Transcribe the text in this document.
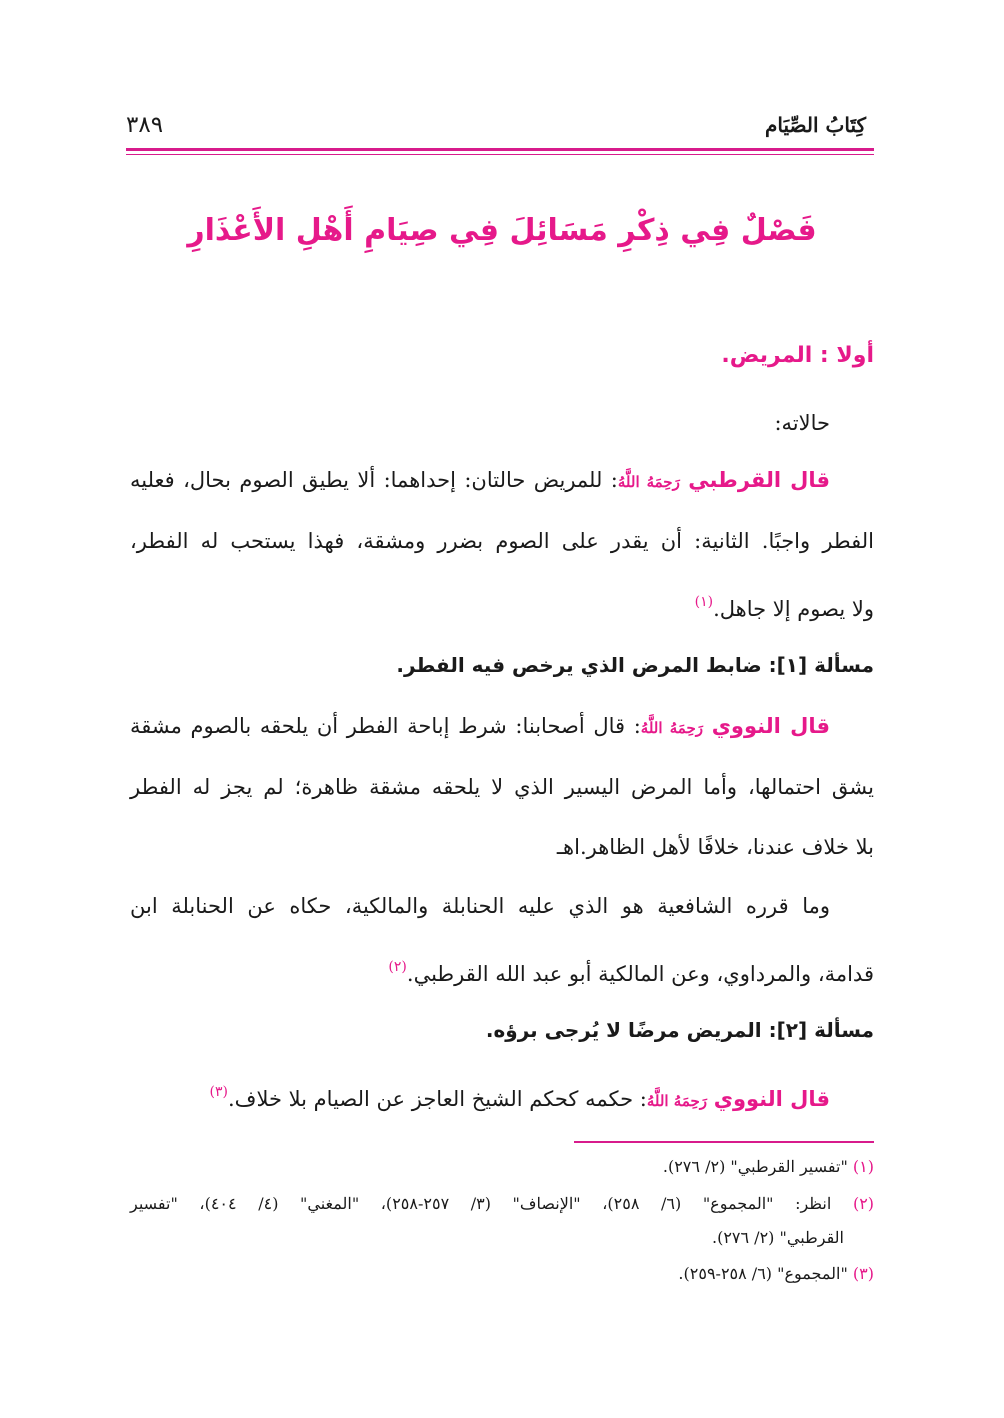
كِتَابُ الصِّيَام
٣٨٩
فَصْلٌ فِي ذِكْرِ مَسَائِلَ فِي صِيَامِ أَهْلِ الأَعْذَارِ
أولا : المريض.
حالاته:
قال القرطبي رَحِمَهُ اللَّهُ: للمريض حالتان: إحداهما: ألا يطيق الصوم بحال، فعليه
الفطر واجبًا. الثانية: أن يقدر على الصوم بضرر ومشقة، فهذا يستحب له الفطر،
ولا يصوم إلا جاهل.$^{(١)}$
مسألة [١]: ضابط المرض الذي يرخص فيه الفطر.
قال النووي رَحِمَهُ اللَّهُ: قال أصحابنا: شرط إباحة الفطر أن يلحقه بالصوم مشقة
يشق احتمالها، وأما المرض اليسير الذي لا يلحقه مشقة ظاهرة؛ لم يجز له الفطر
بلا خلاف عندنا، خلافًا لأهل الظاهر.اهـ
وما قرره الشافعية هو الذي عليه الحنابلة والمالكية، حكاه عن الحنابلة ابن
قدامة، والمرداوي، وعن المالكية أبو عبد الله القرطبي.$^{(٢)}$
مسألة [٢]: المريض مرضًا لا يُرجى برؤه.
قال النووي رَحِمَهُ اللَّهُ: حكمه كحكم الشيخ العاجز عن الصيام بلا خلاف.$^{(٣)}$
(١) "تفسير القرطبي" (٢/ ٢٧٦).
(٢) انظر: "المجموع" (٦/ ٢٥٨)، "الإنصاف" (٣/ ٢٥٧-٢٥٨)، "المغني" (٤/ ٤٠٤)، "تفسير
القرطبي" (٢/ ٢٧٦).
(٣) "المجموع" (٦/ ٢٥٨-٢٥٩).
